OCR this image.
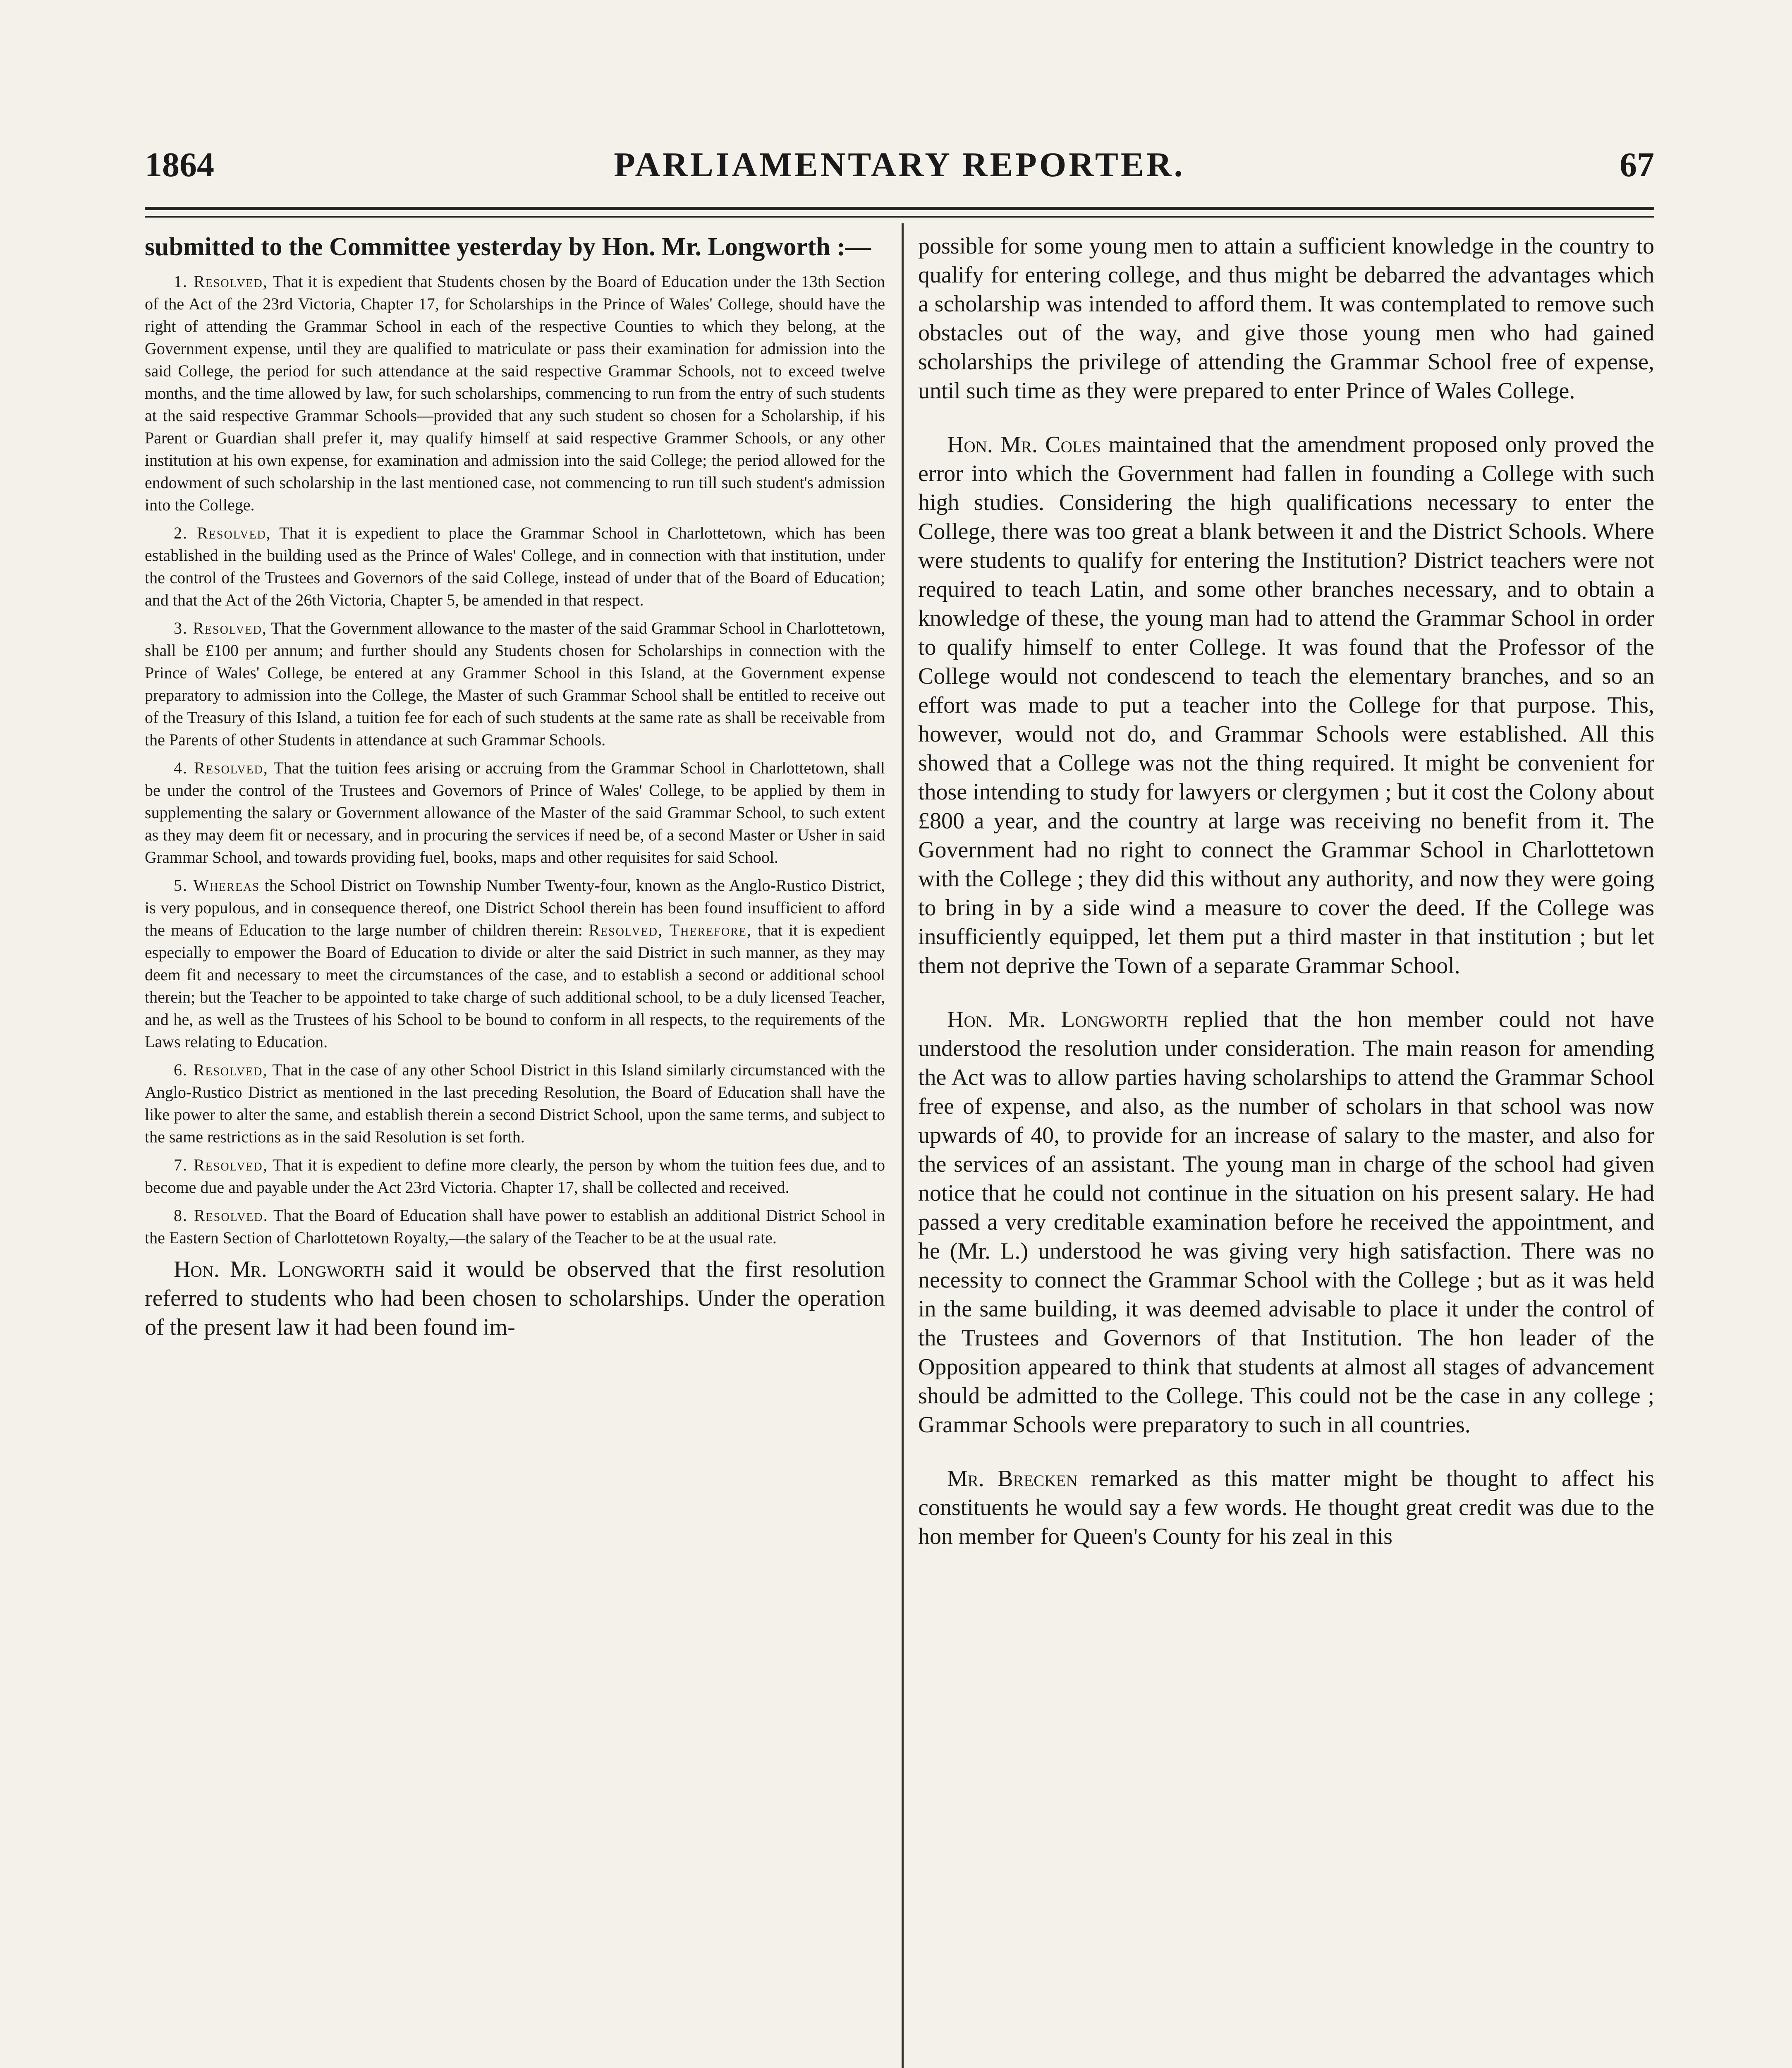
PARLIAMENTARY REPORTER.
1864	67

submitted to the Committee yesterday by Hon. Mr. Longworth :—

1. Resolved, That it is expedient that Students chosen by the Board of Education under the 13th Section of the Act of the 23rd Victoria, Chapter 17, for Scholarships in the Prince of Wales' College, should have the right of attending the Grammar School in each of the respective Counties to which they belong, at the Government expense, until they are qualified to matriculate or pass their examination for admission into the said College, the period for such attendance at the said respective Grammar Schools, not to exceed twelve months, and the time allowed by law, for such scholarships, commencing to run from the entry of such students at the said respective Grammar Schools—provided that any such student so chosen for a Scholarship, if his Parent or Guardian shall prefer it, may qualify himself at said respective Grammer Schools, or any other institution at his own expense, for examination and admission into the said College; the period allowed for the endowment of such scholarship in the last mentioned case, not commencing to run till such student's admission into the College.

2. Resolved, That it is expedient to place the Grammar School in Charlottetown, which has been established in the building used as the Prince of Wales' College, and in connection with that institution, under the control of the Trustees and Governors of the said College, instead of under that of the Board of Education; and that the Act of the 26th Victoria, Chapter 5, be amended in that respect.

3. Resolved, That the Government allowance to the master of the said Grammar School in Charlottetown, shall be £100 per annum; and further should any Students chosen for Scholarships in connection with the Prince of Wales' College, be entered at any Grammer School in this Island, at the Government expense preparatory to admission into the College, the Master of such Grammar School shall be entitled to receive out of the Treasury of this Island, a tuition fee for each of such students at the same rate as shall be receivable from the Parents of other Students in attendance at such Grammar Schools.

4. Resolved, That the tuition fees arising or accruing from the Grammar School in Charlottetown, shall be under the control of the Trustees and Governors of Prince of Wales' College, to be applied by them in supplementing the salary or Government allowance of the Master of the said Grammar School, to such extent as they may deem fit or necessary, and in procuring the services if need be, of a second Master or Usher in said Grammar School, and towards providing fuel, books, maps and other requisites for said School.

5. Whereas the School District on Township Number Twenty-four, known as the Anglo-Rustico District, is very populous, and in consequence thereof, one District School therein has been found insufficient to afford the means of Education to the large number of children therein: Resolved, Therefore, that it is expedient especially to empower the Board of Education to divide or alter the said District in such manner, as they may deem fit and necessary to meet the circumstances of the case, and to establish a second or additional school therein; but the Teacher to be appointed to take charge of such additional school, to be a duly licensed Teacher, and he, as well as the Trustees of his School to be bound to conform in all respects, to the requirements of the Laws relating to Education.

6. Resolved, That in the case of any other School District in this Island similarly circumstanced with the Anglo-Rustico District as mentioned in the last preceding Resolution, the Board of Education shall have the like power to alter the same, and establish therein a second District School, upon the same terms, and subject to the same restrictions as in the said Resolution is set forth.

7. Resolved, That it is expedient to define more clearly, the person by whom the tuition fees due, and to become due and payable under the Act 23rd Victoria. Chapter 17, shall be collected and received.

8. Resolved. That the Board of Education shall have power to establish an additional District School in the Eastern Section of Charlottetown Royalty,—the salary of the Teacher to be at the usual rate.

Hon. Mr. Longworth said it would be observed that the first resolution referred to students who had been chosen to scholarships. Under the operation of the present law it had been found im-

possible for some young men to attain a sufficient knowledge in the country to qualify for entering college, and thus might be debarred the advantages which a scholarship was intended to afford them. It was contemplated to remove such obstacles out of the way, and give those young men who had gained scholarships the privilege of attending the Grammar School free of expense, until such time as they were prepared to enter Prince of Wales College.

Hon. Mr. Coles maintained that the amendment proposed only proved the error into which the Government had fallen in founding a College with such high studies. Considering the high qualifications necessary to enter the College, there was too great a blank between it and the District Schools. Where were students to qualify for entering the Institution? District teachers were not required to teach Latin, and some other branches necessary, and to obtain a knowledge of these, the young man had to attend the Grammar School in order to qualify himself to enter College. It was found that the Professor of the College would not condescend to teach the elementary branches, and so an effort was made to put a teacher into the College for that purpose. This, however, would not do, and Grammar Schools were established. All this showed that a College was not the thing required. It might be convenient for those intending to study for lawyers or clergymen ; but it cost the Colony about £800 a year, and the country at large was receiving no benefit from it. The Government had no right to connect the Grammar School in Charlottetown with the College ; they did this without any authority, and now they were going to bring in by a side wind a measure to cover the deed. If the College was insufficiently equipped, let them put a third master in that institution ; but let them not deprive the Town of a separate Grammar School.

Hon. Mr. Longworth replied that the hon member could not have understood the resolution under consideration. The main reason for amending the Act was to allow parties having scholarships to attend the Grammar School free of expense, and also, as the number of scholars in that school was now upwards of 40, to provide for an increase of salary to the master, and also for the services of an assistant. The young man in charge of the school had given notice that he could not continue in the situation on his present salary. He had passed a very creditable examination before he received the appointment, and he (Mr. L.) understood he was giving very high satisfaction. There was no necessity to connect the Grammar School with the College ; but as it was held in the same building, it was deemed advisable to place it under the control of the Trustees and Governors of that Institution. The hon leader of the Opposition appeared to think that students at almost all stages of advancement should be admitted to the College. This could not be the case in any college ; Grammar Schools were preparatory to such in all countries.

Mr. Brecken remarked as this matter might be thought to affect his constituents he would say a few words. He thought great credit was due to the hon member for Queen's County for his zeal in this
